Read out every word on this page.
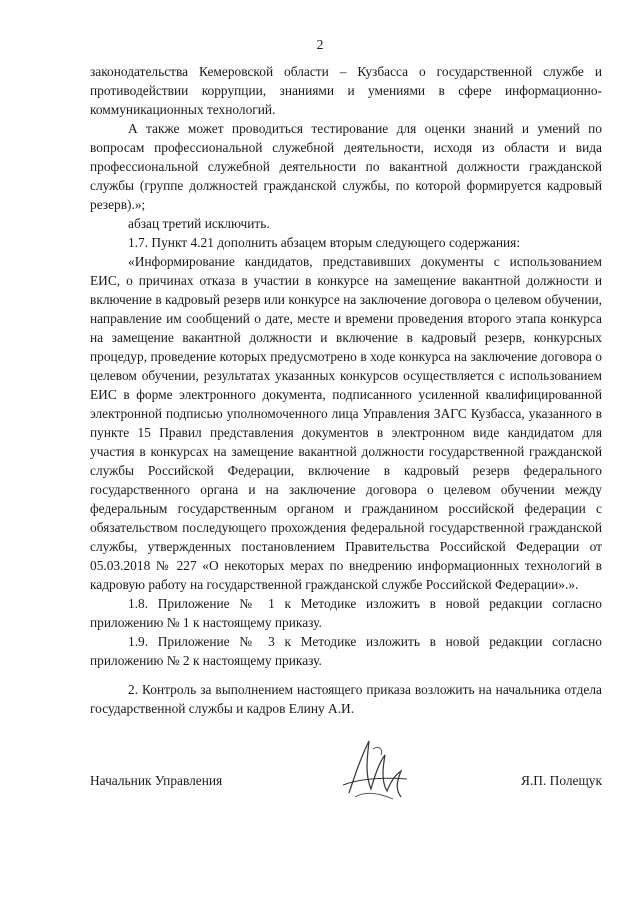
2

законодательства Кемеровской области – Кузбасса о государственной службе и противодействии коррупции, знаниями и умениями в сфере информационно-коммуникационных технологий.

А также может проводиться тестирование для оценки знаний и умений по вопросам профессиональной служебной деятельности, исходя из области и вида профессиональной служебной деятельности по вакантной должности гражданской службы (группе должностей гражданской службы, по которой формируется кадровый резерв).»;

абзац третий исключить.

1.7. Пункт 4.21 дополнить абзацем вторым следующего содержания:

«Информирование кандидатов, представивших документы с использованием ЕИС, о причинах отказа в участии в конкурсе на замещение вакантной должности и включение в кадровый резерв или конкурсе на заключение договора о целевом обучении, направление им сообщений о дате, месте и времени проведения второго этапа конкурса на замещение вакантной должности и включение в кадровый резерв, конкурсных процедур, проведение которых предусмотрено в ходе конкурса на заключение договора о целевом обучении, результатах указанных конкурсов осуществляется с использованием ЕИС в форме электронного документа, подписанного усиленной квалифицированной электронной подписью уполномоченного лица Управления ЗАГС Кузбасса, указанного в пункте 15 Правил представления документов в электронном виде кандидатом для участия в конкурсах на замещение вакантной должности государственной гражданской службы Российской Федерации, включение в кадровый резерв федерального государственного органа и на заключение договора о целевом обучении между федеральным государственным органом и гражданином российской федерации с обязательством последующего прохождения федеральной государственной гражданской службы, утвержденных постановлением Правительства Российской Федерации от 05.03.2018 № 227 «О некоторых мерах по внедрению информационных технологий в кадровую работу на государственной гражданской службе Российской Федерации».».

1.8. Приложение № 1 к Методике изложить в новой редакции согласно приложению № 1 к настоящему приказу.

1.9. Приложение № 3 к Методике изложить в новой редакции согласно приложению № 2 к настоящему приказу.

2. Контроль за выполнением настоящего приказа возложить на начальника отдела государственной службы и кадров Елину А.И.

Начальник Управления	Я.П. Полещук
